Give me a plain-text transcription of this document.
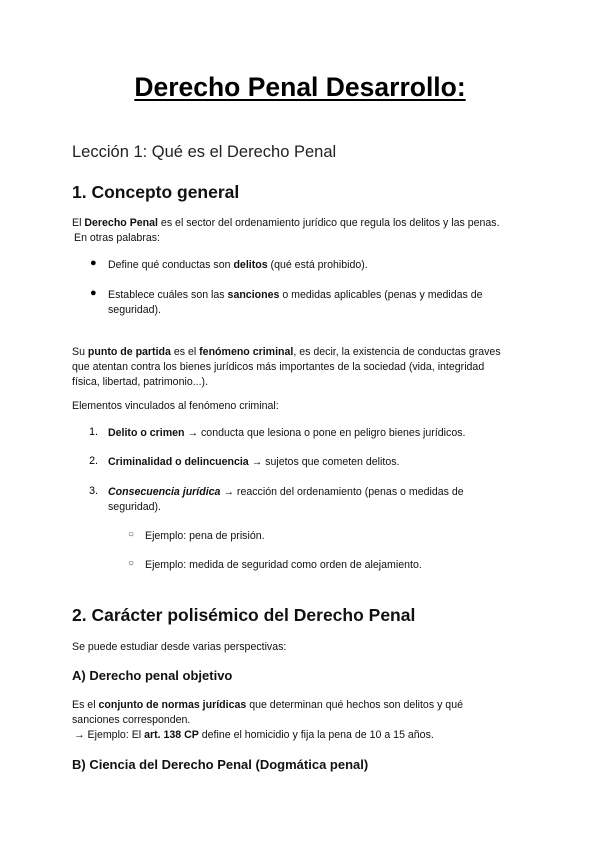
Derecho Penal Desarrollo:
Lección 1: Qué es el Derecho Penal
1. Concepto general
El Derecho Penal es el sector del ordenamiento jurídico que regula los delitos y las penas.
En otras palabras:
● Define qué conductas son delitos (qué está prohibido).
● Establece cuáles son las sanciones o medidas aplicables (penas y medidas de
seguridad).
Su punto de partida es el fenómeno criminal, es decir, la existencia de conductas graves
que atentan contra los bienes jurídicos más importantes de la sociedad (vida, integridad
física, libertad, patrimonio...).
Elementos vinculados al fenómeno criminal:
1. Delito o crimen → conducta que lesiona o pone en peligro bienes jurídicos.
2. Criminalidad o delincuencia → sujetos que cometen delitos.
3. Consecuencia jurídica → reacción del ordenamiento (penas o medidas de
seguridad).
○ Ejemplo: pena de prisión.
○ Ejemplo: medida de seguridad como orden de alejamiento.
2. Carácter polisémico del Derecho Penal
Se puede estudiar desde varias perspectivas:
A) Derecho penal objetivo
Es el conjunto de normas jurídicas que determinan qué hechos son delitos y qué
sanciones corresponden.
→ Ejemplo: El art. 138 CP define el homicidio y fija la pena de 10 a 15 años.
B) Ciencia del Derecho Penal (Dogmática penal)
